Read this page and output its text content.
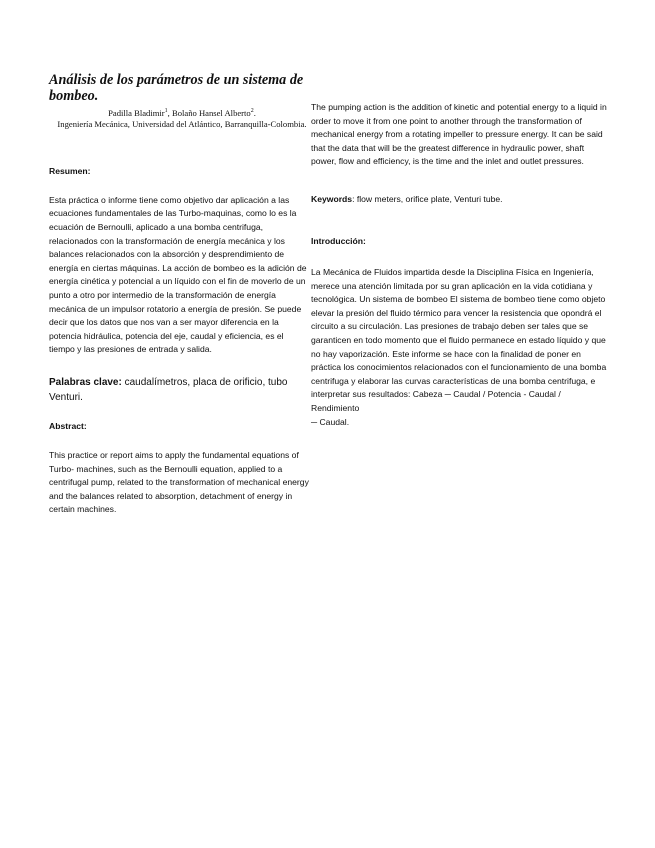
Análisis de los parámetros de un sistema de bombeo.

Padilla Bladimir$^1$, Bolaño Hansel Alberto$^2$.
Ingeniería Mecánica, Universidad del Atlántico, Barranquilla-Colombia.

Resumen:

Esta práctica o informe tiene como objetivo dar aplicación a las ecuaciones fundamentales de las Turbo-maquinas, como lo es la ecuación de Bernoulli, aplicado a una bomba centrifuga, relacionados con la transformación de energía mecánica y los balances relacionados con la absorción y desprendimiento de energía en ciertas máquinas. La acción de bombeo es la adición de energía cinética y potencial a un líquido con el fin de moverlo de un punto a otro por intermedio de la transformación de energía mecánica de un impulsor rotatorio a energía de presión. Se puede decir que los datos que nos van a ser mayor diferencia en la potencia hidráulica, potencia del eje, caudal y eficiencia, es el tiempo y las presiones de entrada y salida.

Palabras clave: caudalímetros, placa de orificio, tubo Venturi.

Abstract:

This practice or report aims to apply the fundamental equations of Turbo- machines, such as the Bernoulli equation, applied to a centrifugal pump, related to the transformation of mechanical energy and the balances related to absorption, detachment of energy in certain machines.

The pumping action is the addition of kinetic and potential energy to a liquid in order to move it from one point to another through the transformation of mechanical energy from a rotating impeller to pressure energy. It can be said that the data that will be the greatest difference in hydraulic power, shaft power, flow and efficiency, is the time and the inlet and outlet pressures.

Keywords: flow meters, orifice plate, Venturi tube.

Introducción:

La Mecánica de Fluidos impartida desde la Disciplina Física en Ingeniería, merece una atención limitada por su gran aplicación en la vida cotidiana y tecnológica. Un sistema de bombeo El sistema de bombeo tiene como objeto elevar la presión del fluido térmico para vencer la resistencia que opondrá el circuito a su circulación. Las presiones de trabajo deben ser tales que se garanticen en todo momento que el fluido permanece en estado líquido y que no hay vaporización. Este informe se hace con la finalidad de poner en práctica los conocimientos relacionados con el funcionamiento de una bomba centrifuga y elaborar las curvas características de una bomba centrifuga, e interpretar sus resultados: Cabeza ─ Caudal / Potencia - Caudal / Rendimiento

─ Caudal.
